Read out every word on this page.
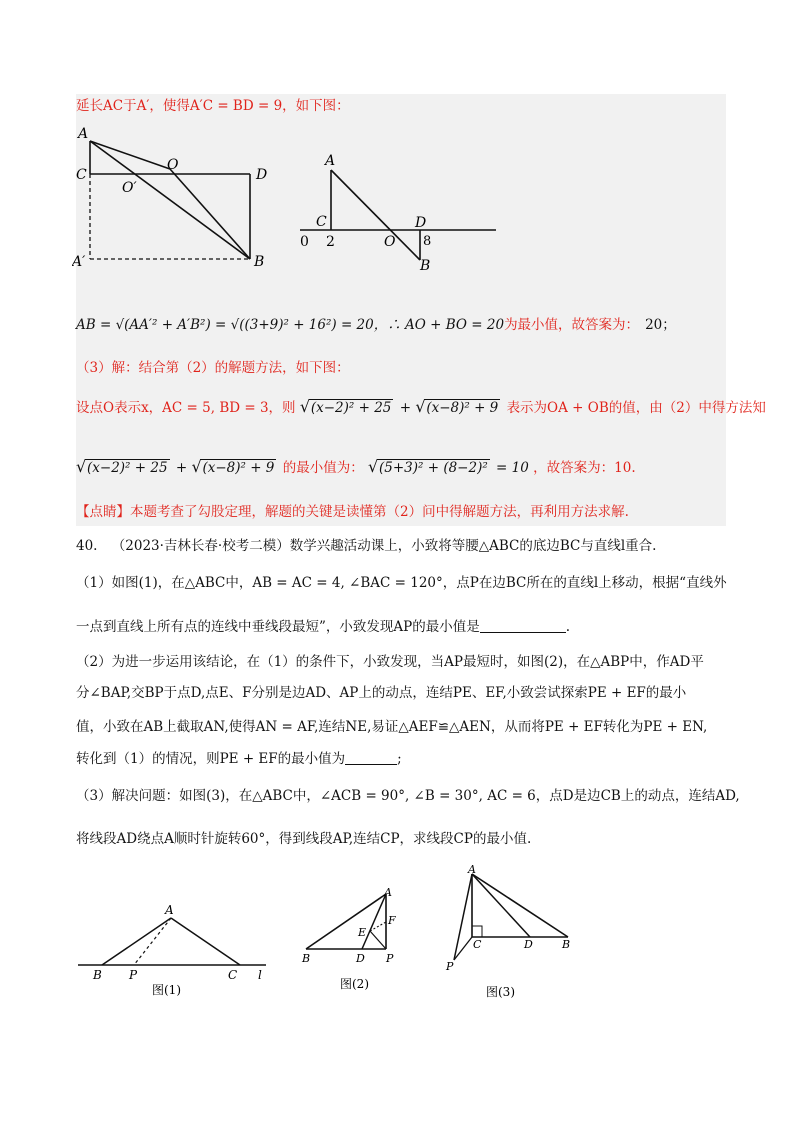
延长AC于A′，使得A′C = BD = 9，如下图：
A
C
O
O′
D
A′	B
A
C	D
O
B
0 2	8
AB = √(AA′² + A′B²) = √((3+9)² + 16²) = 20，∴ AO + BO = 20为最小值，故答案为： 20；
（3）解：结合第（2）的解题方法，如下图：
设点O表示x，AC = 5, BD = 3，则 √ (x−2)² + 25 + √ (x−8)² + 9 表示为OA + OB的值，由（2）中得方法知
√ (x−2)² + 25 + √ (x−8)² + 9 的最小值为： √ (5+3)² + (8−2)² = 10 ，故答案为：10.
【点睛】本题考查了勾股定理，解题的关键是读懂第（2）问中得解题方法，再利用方法求解.
40. （2023·吉林长春·校考二模）数学兴趣活动课上，小致将等腰△ABC的底边BC与直线l重合.
（1）如图(1)，在△ABC中，AB = AC = 4, ∠BAC = 120°，点P在边BC所在的直线l上移动，根据“直线外
一点到直线上所有点的连线中垂线段最短”，小致发现AP的最小值是	.
（2）为进一步运用该结论，在（1）的条件下，小致发现，当AP最短时，如图(2)，在△ABP中，作AD平
分∠BAP,交BP于点D,点E、F分别是边AD、AP上的动点，连结PE、EF,小致尝试探索PE + EF的最小
值，小致在AB上截取AN,使得AN = AF,连结NE,易证△AEF≌△AEN，从而将PE + EF转化为PE + EN,
转化到（1）的情况，则PE + EF的最小值为	;
（3）解决问题：如图(3)，在△ABC中，∠ACB = 90°, ∠B = 30°, AC = 6，点D是边CB上的动点，连结AD,
将线段AD绕点A顺时针旋转60°，得到线段AP,连结CP，求线段CP的最小值.
A
B P	C l
图(1)
A
F
E
B	D P
图(2)
A
C	D	B
P
图(3)
